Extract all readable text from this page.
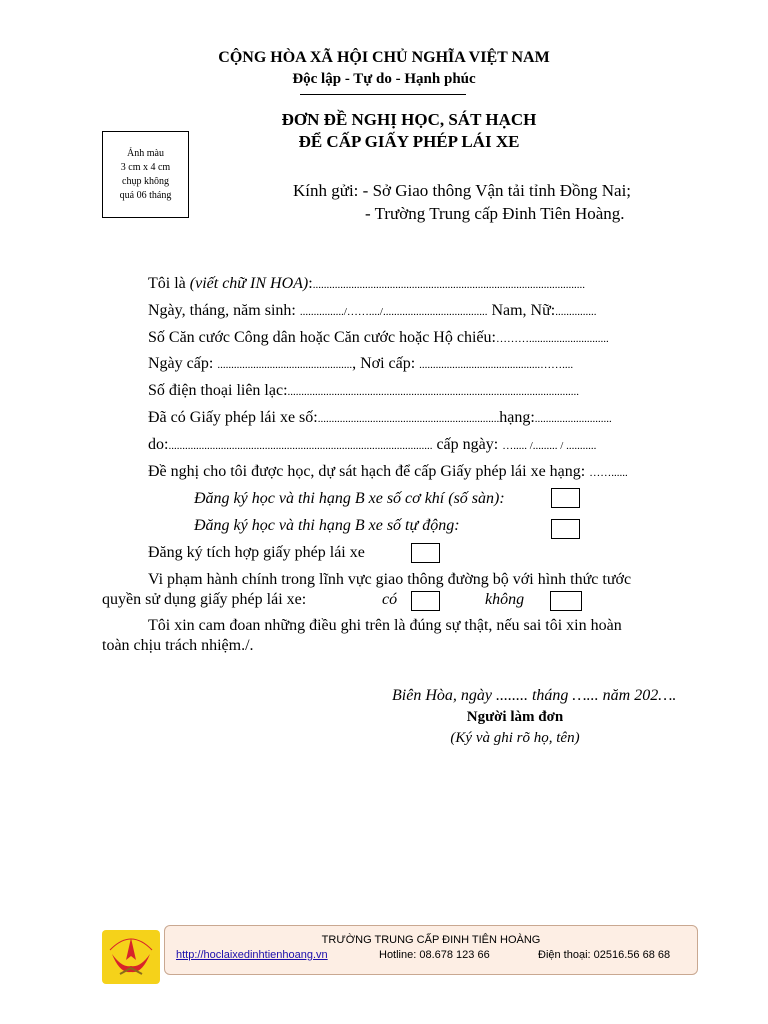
CỘNG HÒA XÃ HỘI CHỦ NGHĨA VIỆT NAM
Độc lập - Tự do - Hạnh phúc
ĐƠN ĐỀ NGHỊ HỌC, SÁT HẠCH
ĐỂ CẤP GIẤY PHÉP LÁI XE
Ảnh màu
3 cm x 4 cm
chụp không
quá 06 tháng	Kính gửi: - Sở Giao thông Vận tải tỉnh Đồng Nai;
- Trường Trung cấp Đinh Tiên Hoàng.
Tôi là (viết chữ IN HOA):...................................................................................................
Ngày, tháng, năm sinh: ................/……..../...................................... Nam, Nữ:...............
Số Căn cước Công dân hoặc Căn cước hoặc Hộ chiếu:……….............................
Ngày cấp: ................................................., Nơi cấp: ............................................……....
Số điện thoại liên lạc:..........................................................................................................
Đã có Giấy phép lái xe số:..................................................................hạng:............................
do:................................................................................................ cấp ngày: …..... /......... / ...........
Đề nghị cho tôi được học, dự sát hạch để cấp Giấy phép lái xe hạng: ……......
Đăng ký học và thi hạng B xe số cơ khí (số sàn):
Đăng ký học và thi hạng B xe số tự động:
Đăng ký tích hợp giấy phép lái xe
Vi phạm hành chính trong lĩnh vực giao thông đường bộ với hình thức tước
quyền sử dụng giấy phép lái xe:	có	không
Tôi xin cam đoan những điều ghi trên là đúng sự thật, nếu sai tôi xin hoàn
toàn chịu trách nhiệm./.
Biên Hòa, ngày ........ tháng …... năm 202….
Người làm đơn
(Ký và ghi rõ họ, tên)
TRƯỜNG TRUNG CẤP ĐINH TIÊN HOÀNG
http://hoclaixedinhtienhoang.vn	Hotline: 08.678 123 66	Điện thoại: 02516.56 68 68
